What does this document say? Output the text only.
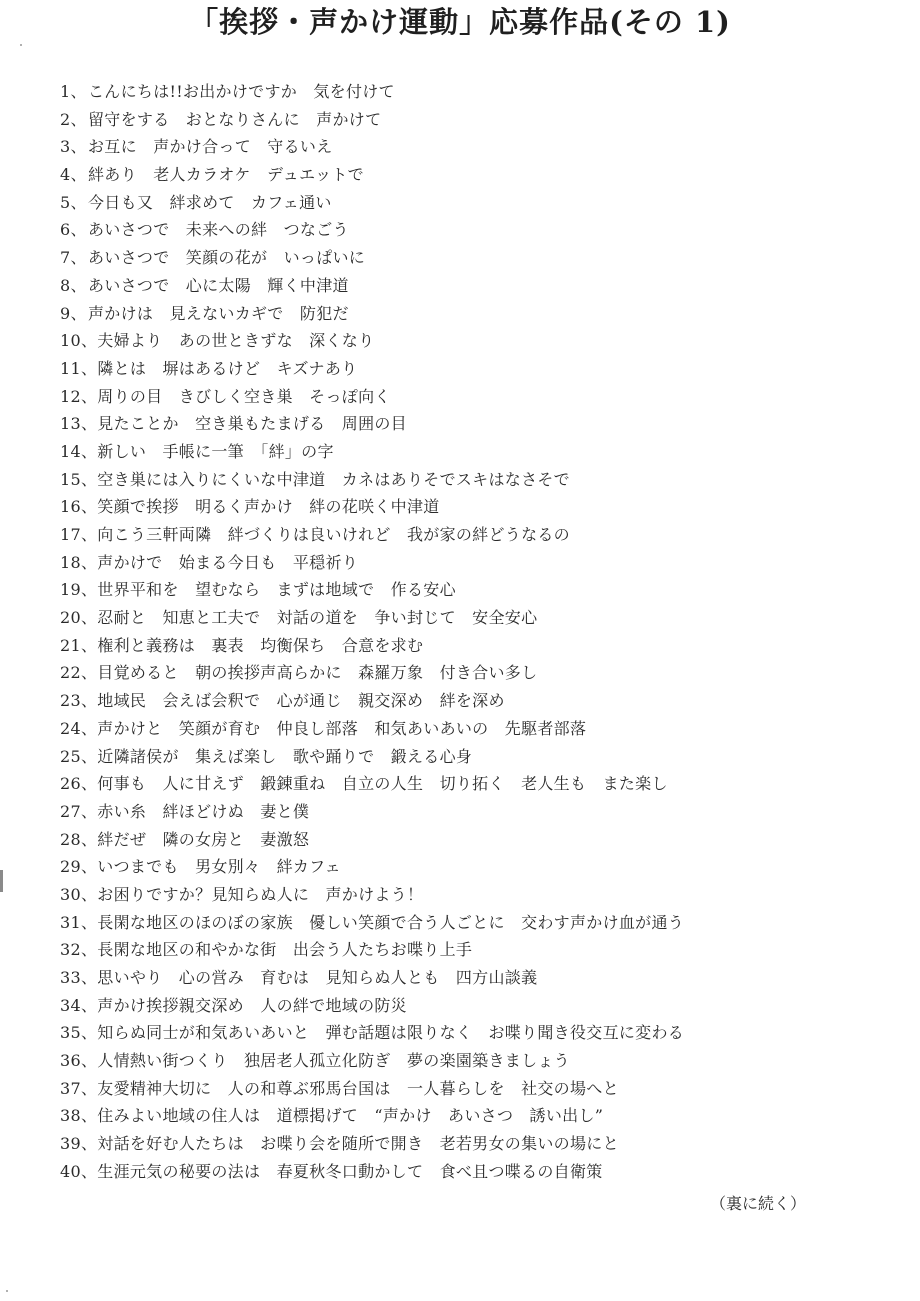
「挨拶・声かけ運動」応募作品(その 1)
1、 こんにちは!!お出かけですか　気を付けて
2、 留守をする　おとなりさんに　声かけて
3、 お互に　声かけ合って　守るいえ
4、 絆あり　老人カラオケ　デュエットで
5、 今日も又　絆求めて　カフェ通い
6、 あいさつで　未来への絆　つなごう
7、 あいさつで　笑顔の花が　いっぱいに
8、 あいさつで　心に太陽　輝く中津道
9、 声かけは　見えないカギで　防犯だ
10、 夫婦より　あの世ときずな　深くなり
11、 隣とは　塀はあるけど　キズナあり
12、 周りの目　きびしく空き巣　そっぽ向く
13、 見たことか　空き巣もたまげる　周囲の目
14、 新しい　手帳に一筆　「絆」の字
15、 空き巣には入りにくいな中津道　カネはありそでスキはなさそで
16、 笑顔で挨拶　明るく声かけ　絆の花咲く中津道
17、 向こう三軒両隣　絆づくりは良いけれど　我が家の絆どうなるの
18、 声かけで　始まる今日も　平穏祈り
19、 世界平和を　望むなら　まずは地域で　作る安心
20、 忍耐と　知恵と工夫で　対話の道を　争い封じて　安全安心
21、 権利と義務は　裏表　均衡保ち　合意を求む
22、 目覚めると　朝の挨拶声高らかに　森羅万象　付き合い多し
23、 地域民　会えば会釈で　心が通じ　親交深め　絆を深め
24、 声かけと　笑顔が育む　仲良し部落　和気あいあいの　先駆者部落
25、 近隣諸侯が　集えば楽し　歌や踊りで　鍛える心身
26、 何事も　人に甘えず　鍛錬重ね　自立の人生　切り拓く　老人生も　また楽し
27、 赤い糸　絆ほどけぬ　妻と僕
28、 絆だぜ　隣の女房と　妻激怒
29、 いつまでも　男女別々　絆カフェ
30、 お困りですか？見知らぬ人に　声かけよう！
31、 長閑な地区のほのぼの家族　優しい笑顔で合う人ごとに　交わす声かけ血が通う
32、 長閑な地区の和やかな街　出会う人たちお喋り上手
33、 思いやり　心の営み　育むは　見知らぬ人とも　四方山談義
34、 声かけ挨拶親交深め　人の絆で地域の防災
35、 知らぬ同士が和気あいあいと　弾む話題は限りなく　お喋り聞き役交互に変わる
36、 人情熱い街つくり　独居老人孤立化防ぎ　夢の楽園築きましょう
37、 友愛精神大切に　人の和尊ぶ邪馬台国は　一人暮らしを　社交の場へと
38、 住みよい地域の住人は　道標掲げて　“声かけ　あいさつ　誘い出し”
39、 対話を好む人たちは　お喋り会を随所で開き　老若男女の集いの場にと
40、 生涯元気の秘要の法は　春夏秋冬口動かして　食べ且つ喋るの自衛策
（裏に続く）
